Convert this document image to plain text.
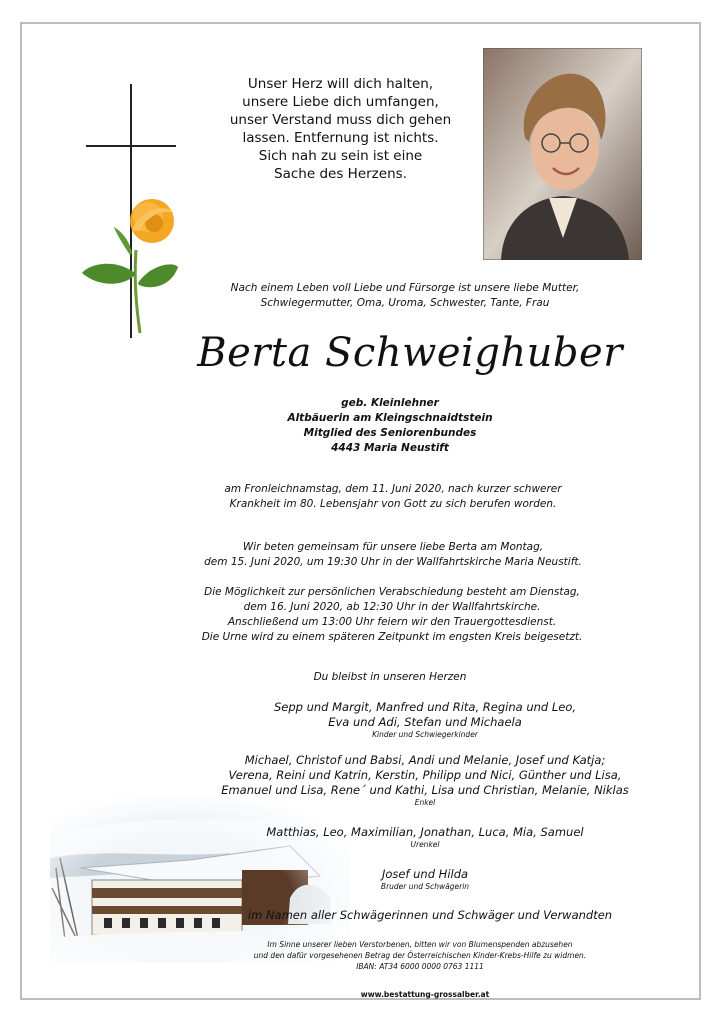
Unser Herz will dich halten,
unsere Liebe dich umfangen,
unser Verstand muss dich gehen
lassen. Entfernung ist nichts.
Sich nah zu sein ist eine
Sache des Herzens.
Nach einem Leben voll Liebe und Fürsorge ist unsere liebe Mutter,
Schwiegermutter, Oma, Uroma, Schwester, Tante, Frau
Berta Schweighuber
geb. Kleinlehner
Altbäuerin am Kleingschnaidtstein
Mitglied des Seniorenbundes
4443 Maria Neustift
am Fronleichnamstag, dem 11. Juni 2020, nach kurzer schwerer
Krankheit im 80. Lebensjahr von Gott zu sich berufen worden.
Wir beten gemeinsam für unsere liebe Berta am Montag,
dem 15. Juni 2020, um 19:30 Uhr in der Wallfahrtskirche Maria Neustift.
Die Möglichkeit zur persönlichen Verabschiedung besteht am Dienstag,
dem 16. Juni 2020, ab 12:30 Uhr in der Wallfahrtskirche.
Anschließend um 13:00 Uhr feiern wir den Trauergottesdienst.
Die Urne wird zu einem späteren Zeitpunkt im engsten Kreis beigesetzt.
Du bleibst in unseren Herzen
Sepp und Margit, Manfred und Rita, Regina und Leo,
Eva und Adi, Stefan und Michaela
Kinder und Schwiegerkinder
Michael, Christof und Babsi, Andi und Melanie, Josef und Katja;
Verena, Reini und Katrin, Kerstin, Philipp und Nici, Günther und Lisa,
Emanuel und Lisa, Rene´ und Kathi, Lisa und Christian, Melanie, Niklas
Enkel
Matthias, Leo, Maximilian, Jonathan, Luca, Mia, Samuel
Urenkel
Josef und Hilda
Bruder und Schwägerin
im Namen aller Schwägerinnen und Schwäger und Verwandten
Im Sinne unserer lieben Verstorbenen, bitten wir von Blumenspenden abzusehen
und den dafür vorgesehenen Betrag der Österreichischen Kinder-Krebs-Hilfe zu widmen.
IBAN: AT34 6000 0000 0763 1111
www.bestattung-grossalber.at
